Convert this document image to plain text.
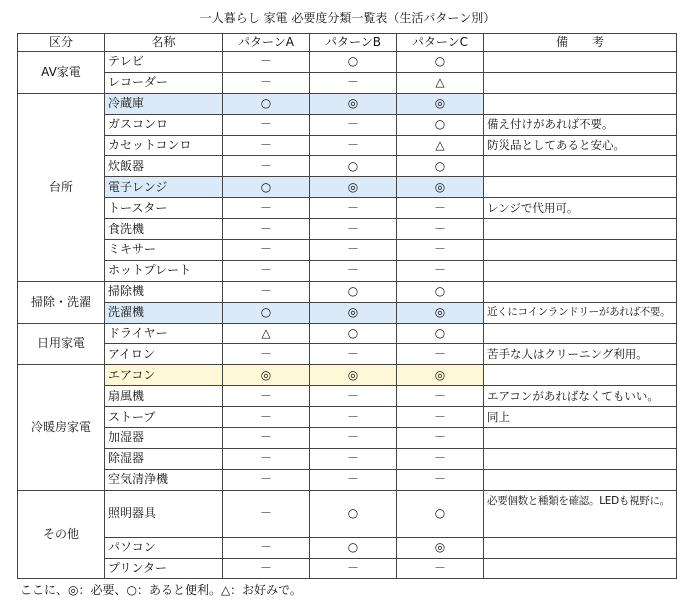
一人暮らし 家電 必要度分類一覧表（生活パターン別）
区分	名称	パターンA	パターンB	パターンC	備　　考
AV家電	テレビ	－	○	○	
	レコーダー	－	－	△	
台所	冷蔵庫	○	◎	◎	
	ガスコンロ	－	－	○	備え付けがあれば不要。
	カセットコンロ	－	－	△	防災品としてあると安心。
	炊飯器	－	○	○	
	電子レンジ	○	◎	◎	
	トースター	－	－	－	レンジで代用可。
	食洗機	－	－	－	
	ミキサー	－	－	－	
	ホットプレート	－	－	－	
掃除・洗濯	掃除機	－	○	○	
	洗濯機	○	◎	◎	近くにコインランドリーがあれば不要。
日用家電	ドライヤー	△	○	○	
	アイロン	－	－	－	苦手な人はクリーニング利用。
冷暖房家電	エアコン	◎	◎	◎	
	扇風機	－	－	－	エアコンがあればなくてもいい。
	ストーブ	－	－	－	同上
	加湿器	－	－	－	
	除湿器	－	－	－	
	空気清浄機	－	－	－	
その他	照明器具	－	○	○	必要個数と種類を確認。LEDも視野に。
	パソコン	－	○	◎	
	プリンター	－	－	－	
ここに、◎：必要、○：あると便利。△：お好みで。
